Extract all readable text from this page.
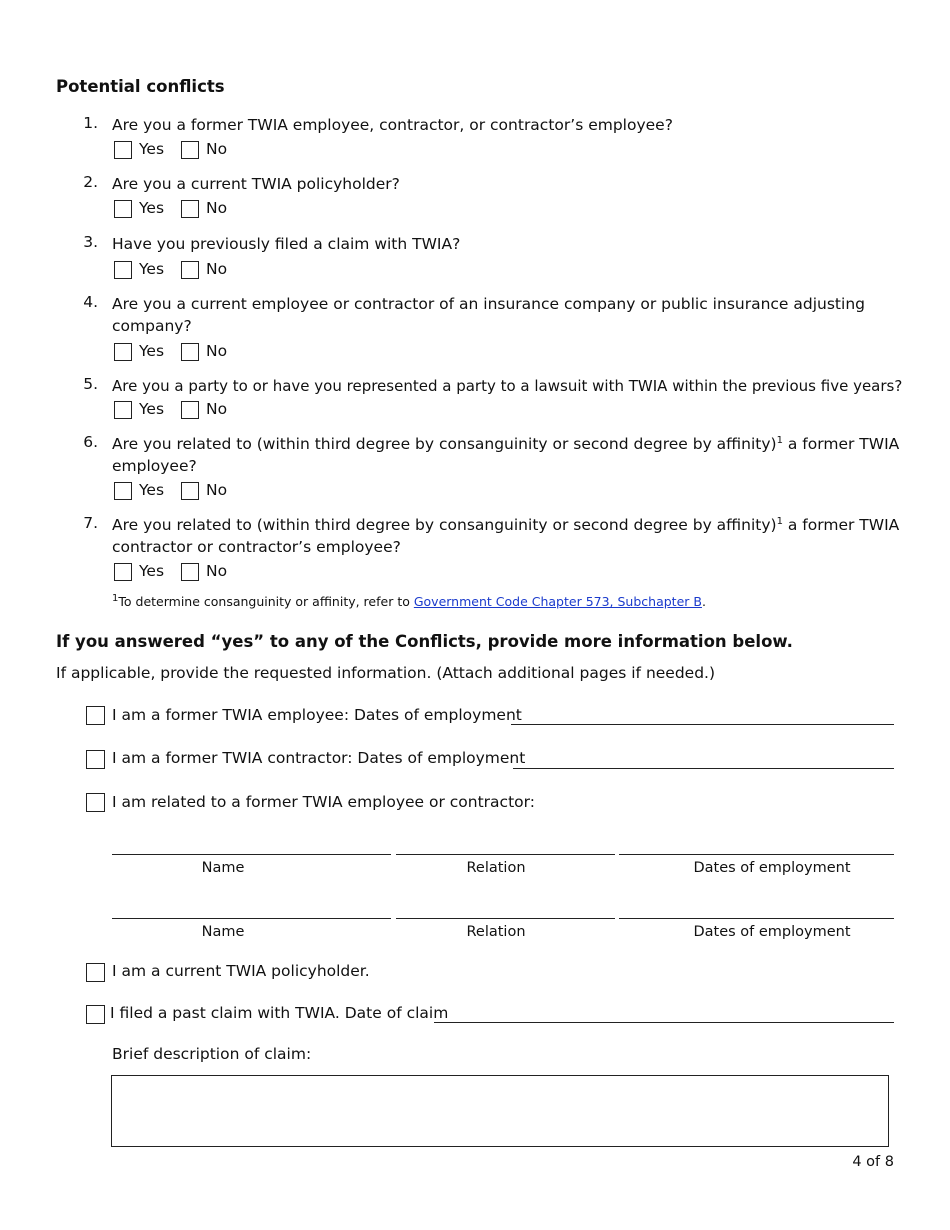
Potential conflicts
1. Are you a former TWIA employee, contractor, or contractor’s employee?
Yes	No
2. Are you a current TWIA policyholder?
Yes	No
3. Have you previously filed a claim with TWIA?
Yes	No
4. Are you a current employee or contractor of an insurance company or public insurance adjusting
company?
Yes	No
5. Are you a party to or have you represented a party to a lawsuit with TWIA within the previous five years?
Yes	No
6. Are you related to (within third degree by consanguinity or second degree by affinity)$^1$ a former TWIA
employee?
Yes	No
7. Are you related to (within third degree by consanguinity or second degree by affinity)$^1$ a former TWIA
contractor or contractor’s employee?
Yes	No
$^1$To determine consanguinity or affinity, refer to Government Code Chapter 573, Subchapter B.
If you answered “yes” to any of the Conflicts, provide more information below.
If applicable, provide the requested information. (Attach additional pages if needed.)
I am a former TWIA employee: Dates of employment
I am a former TWIA contractor: Dates of employment
I am related to a former TWIA employee or contractor:
Name	Relation	Dates of employment
Name	Relation	Dates of employment
I am a current TWIA policyholder.
I filed a past claim with TWIA. Date of claim
Brief description of claim:
4 of 8
